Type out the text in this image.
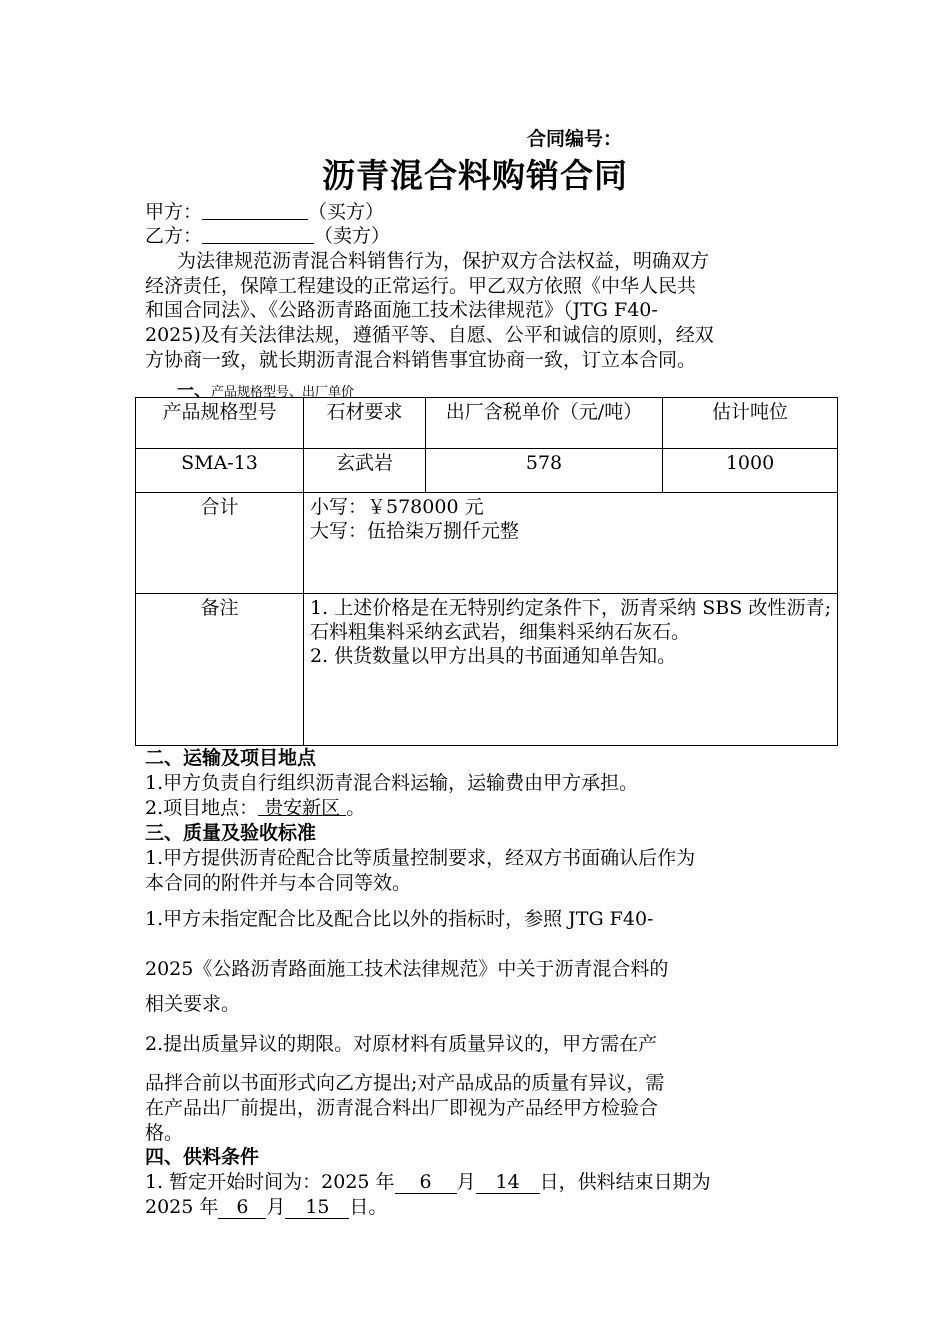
合同编号：
沥青混合料购销合同
甲方：	（买方）
乙方：	（卖方）
为法律规范沥青混合料销售行为，保护双方合法权益，明确双方
经济责任，保障工程建设的正常运行。甲乙双方依照《中华人民共
和国合同法》、《公路沥青路面施工技术法律规范》（JTG F40-
2025)及有关法律法规，遵循平等、自愿、公平和诚信的原则，经双
方协商一致，就长期沥青混合料销售事宜协商一致，订立本合同。
一、产品规格型号、出厂单价
产品规格型号	石材要求	出厂含税单价（元/吨）	估计吨位
SMA-13	玄武岩	578	1000
合计	小写：￥578000 元
大写：伍拾柒万捌仟元整		

备注	1. 上述价格是在无特别约定条件下，沥青采纳 SBS 改性沥青;石料粗集料采纳玄武岩，细集料采纳石灰石。
2. 供货数量以甲方出具的书面通知单告知。		
二、运输及项目地点
1.甲方负责自行组织沥青混合料运输，运输费由甲方承担。
2.项目地点： 贵安新区 。
三、质量及验收标准
1.甲方提供沥青砼配合比等质量控制要求，经双方书面确认后作为
本合同的附件并与本合同等效。
1.甲方未指定配合比及配合比以外的指标时，参照 JTG F40-
2025《公路沥青路面施工技术法律规范》中关于沥青混合料的
相关要求。
2.提出质量异议的期限。对原材料有质量异议的，甲方需在产
品拌合前以书面形式向乙方提出;对产品成品的质量有异议，需
在产品出厂前提出，沥青混合料出厂即视为产品经甲方检验合
格。
四、供料条件
1. 暂定开始时间为：2025 年 6 月 14 日，供料结束日期为
2025 年 6 月 15 日。
